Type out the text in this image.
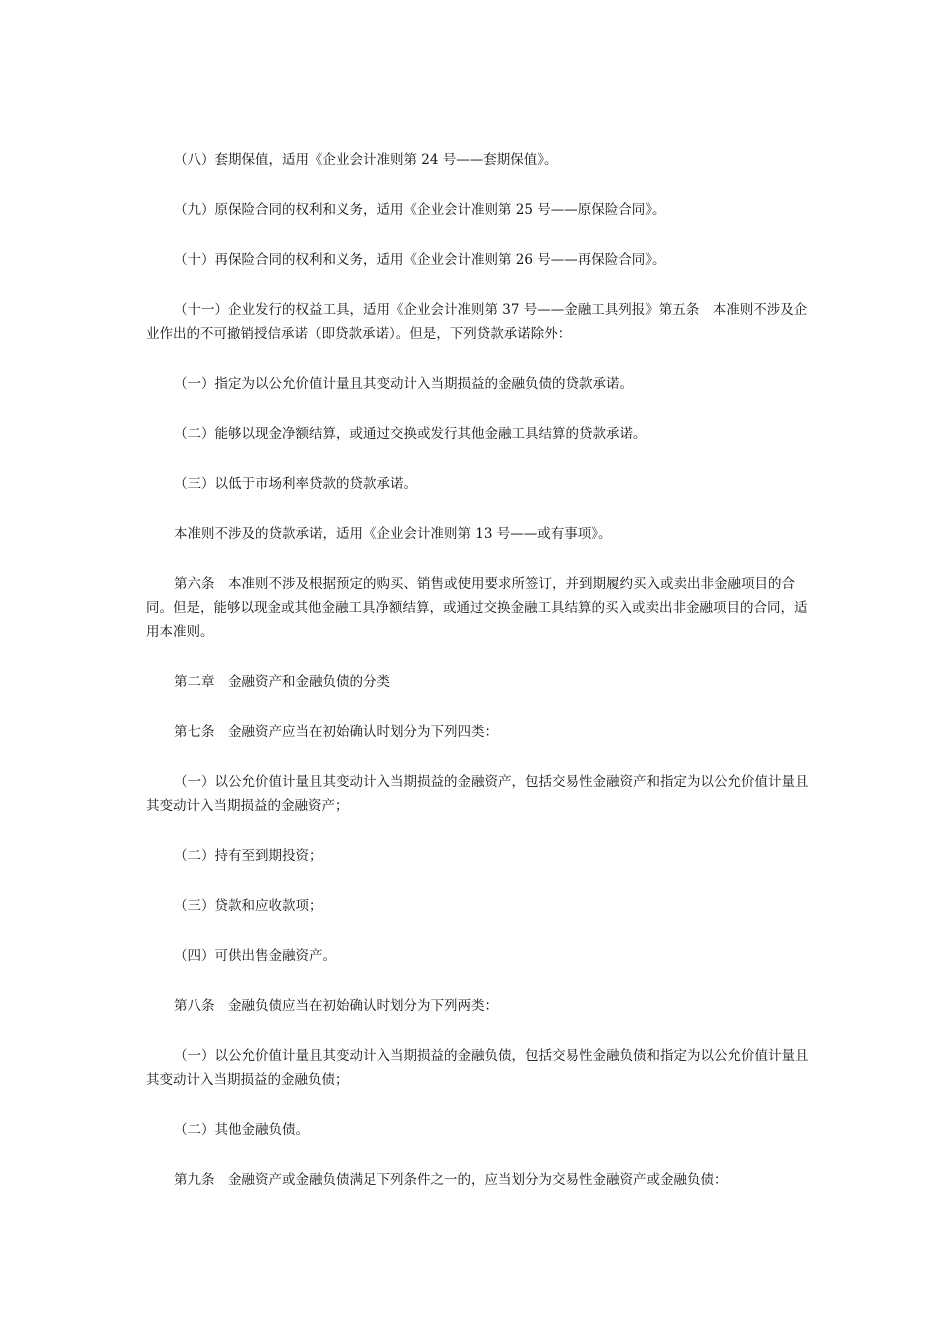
（八）套期保值，适用《企业会计准则第 24 号——套期保值》。

（九）原保险合同的权利和义务，适用《企业会计准则第 25 号——原保险合同》。

（十）再保险合同的权利和义务，适用《企业会计准则第 26 号——再保险合同》。

（十一）企业发行的权益工具，适用《企业会计准则第 37 号——金融工具列报》第五条　本准则不涉及企业作出的不可撤销授信承诺（即贷款承诺）。但是，下列贷款承诺除外：

（一）指定为以公允价值计量且其变动计入当期损益的金融负债的贷款承诺。

（二）能够以现金净额结算，或通过交换或发行其他金融工具结算的贷款承诺。

（三）以低于市场利率贷款的贷款承诺。

本准则不涉及的贷款承诺，适用《企业会计准则第 13 号——或有事项》。

第六条　本准则不涉及根据预定的购买、销售或使用要求所签订，并到期履约买入或卖出非金融项目的合同。但是，能够以现金或其他金融工具净额结算，或通过交换金融工具结算的买入或卖出非金融项目的合同，适用本准则。

第二章　金融资产和金融负债的分类

第七条　金融资产应当在初始确认时划分为下列四类：

（一）以公允价值计量且其变动计入当期损益的金融资产，包括交易性金融资产和指定为以公允价值计量且其变动计入当期损益的金融资产；

（二）持有至到期投资；

（三）贷款和应收款项；

（四）可供出售金融资产。

第八条　金融负债应当在初始确认时划分为下列两类：

（一）以公允价值计量且其变动计入当期损益的金融负债，包括交易性金融负债和指定为以公允价值计量且其变动计入当期损益的金融负债；

（二）其他金融负债。

第九条　金融资产或金融负债满足下列条件之一的，应当划分为交易性金融资产或金融负债：
